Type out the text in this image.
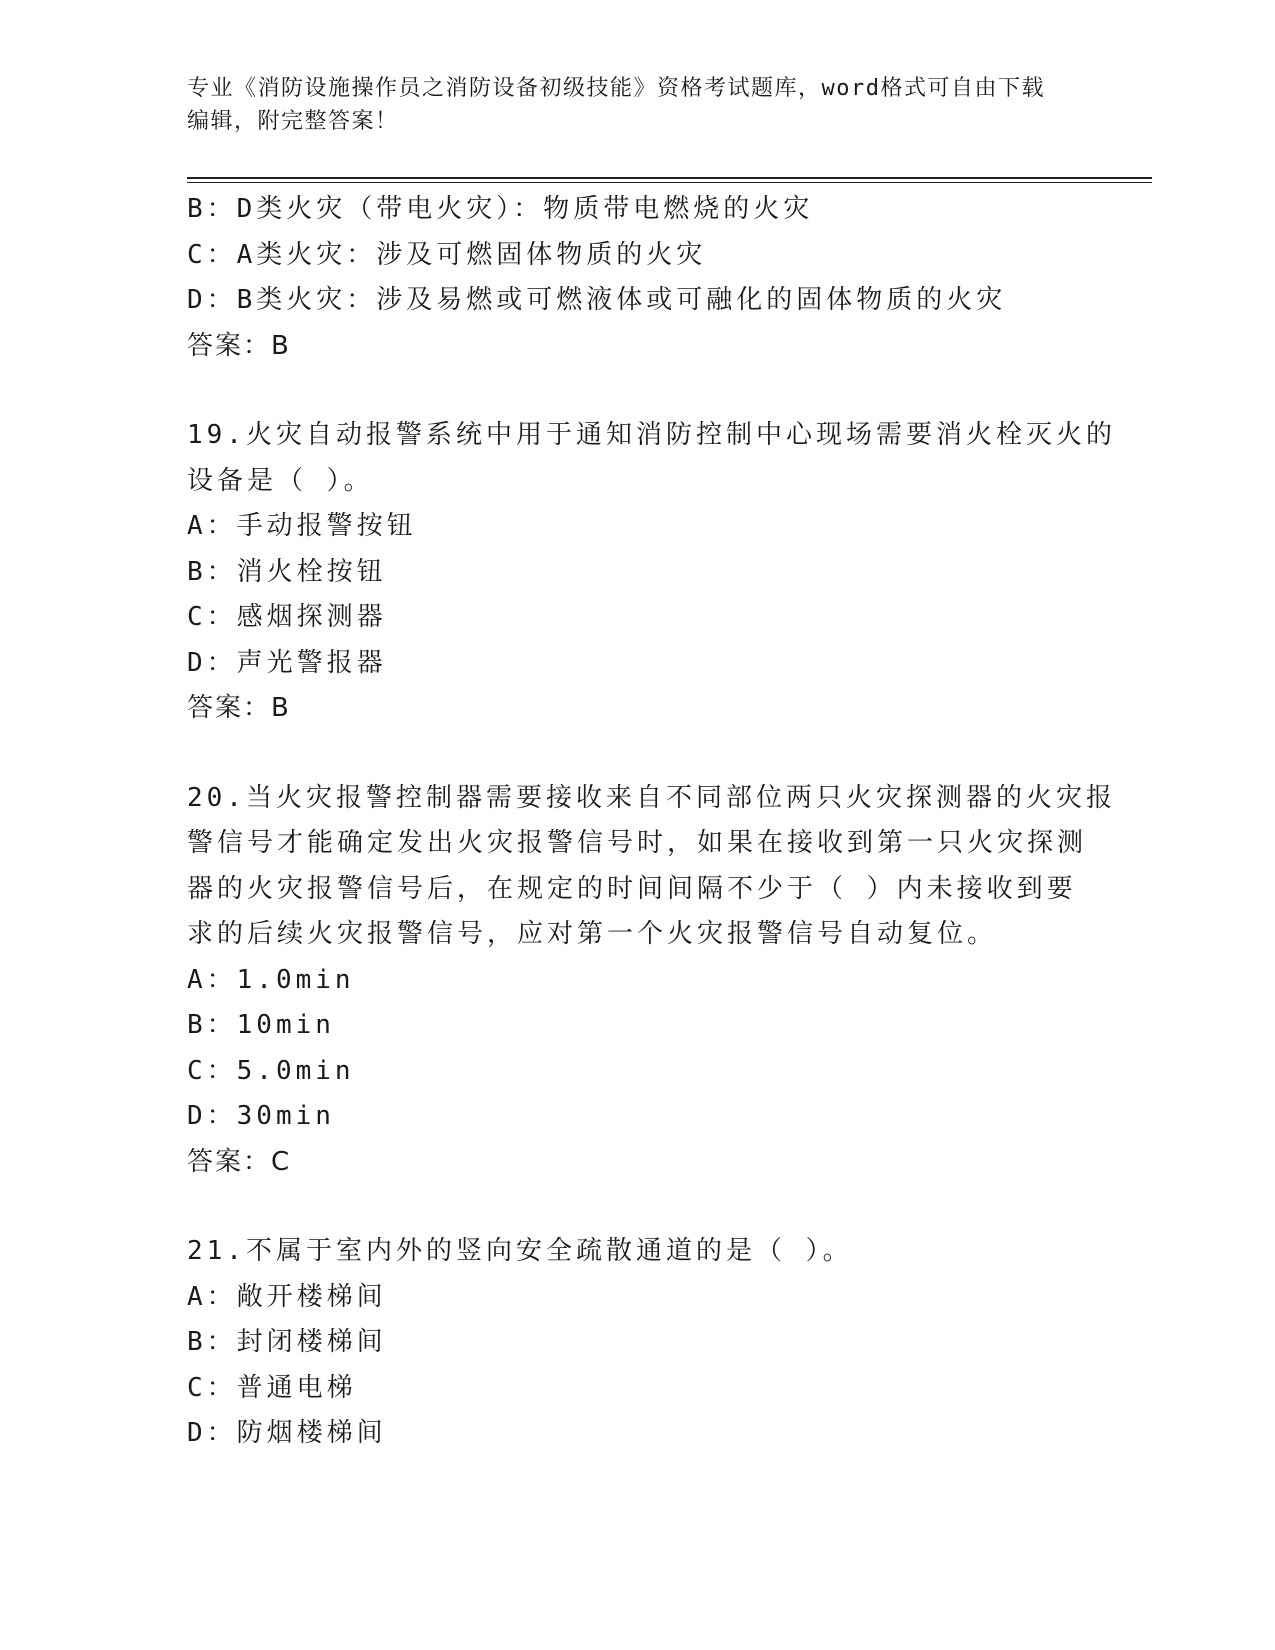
专业《消防设施操作员之消防设备初级技能》资格考试题库，word格式可自由下载编辑，附完整答案！
B：D类火灾（带电火灾）：物质带电燃烧的火灾
C：A类火灾：涉及可燃固体物质的火灾
D：B类火灾：涉及易燃或可燃液体或可融化的固体物质的火灾
答案：B
19.火灾自动报警系统中用于通知消防控制中心现场需要消火栓灭火的
设备是（ ）。
A：手动报警按钮
B：消火栓按钮
C：感烟探测器
D：声光警报器
答案：B
20.当火灾报警控制器需要接收来自不同部位两只火灾探测器的火灾报
警信号才能确定发出火灾报警信号时，如果在接收到第一只火灾探测
器的火灾报警信号后，在规定的时间间隔不少于（ ）内未接收到要
求的后续火灾报警信号，应对第一个火灾报警信号自动复位。
A：1.0min
B：10min
C：5.0min
D：30min
答案：C
21.不属于室内外的竖向安全疏散通道的是（ ）。
A：敞开楼梯间
B：封闭楼梯间
C：普通电梯
D：防烟楼梯间
